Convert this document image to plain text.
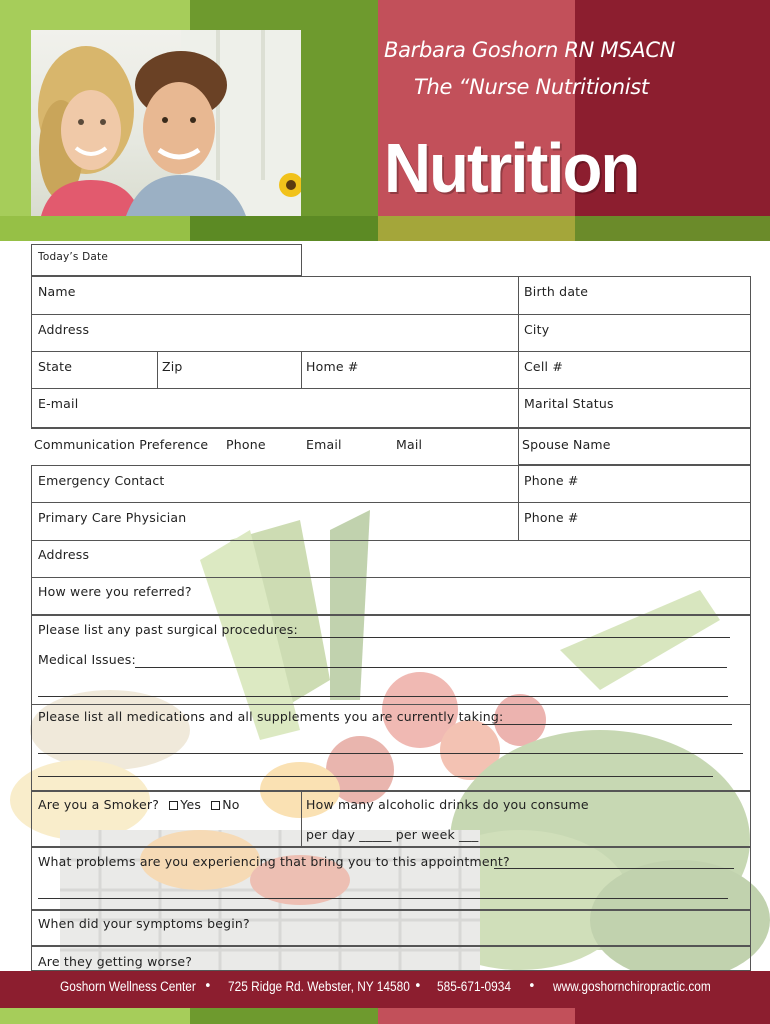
Barbara Goshorn RN MSACN
The “Nurse Nutritionist
Nutrition
Today’s Date
Name	Birth date
Address	City
State	Zip	Home #	Cell #
E-mail	Marital Status
Communication Preference Phone	Email	Mail	Spouse Name
Emergency Contact	Phone #
Primary Care Physician	Phone #
Address
How were you referred?
Please list any past surgical procedures:
Medical Issues:
Please list all medications and all supplements you are currently taking:
Are you a Smoker? Yes No	How many alcoholic drinks do you consume
per day _____ per week ___
What problems are you experiencing that bring you to this appointment?
When did your symptoms begin?
Are they getting worse?
Goshorn Wellness Center • 725 Ridge Rd. Webster, NY 14580 • 585-671-0934 • www.goshornchiropractic.com
